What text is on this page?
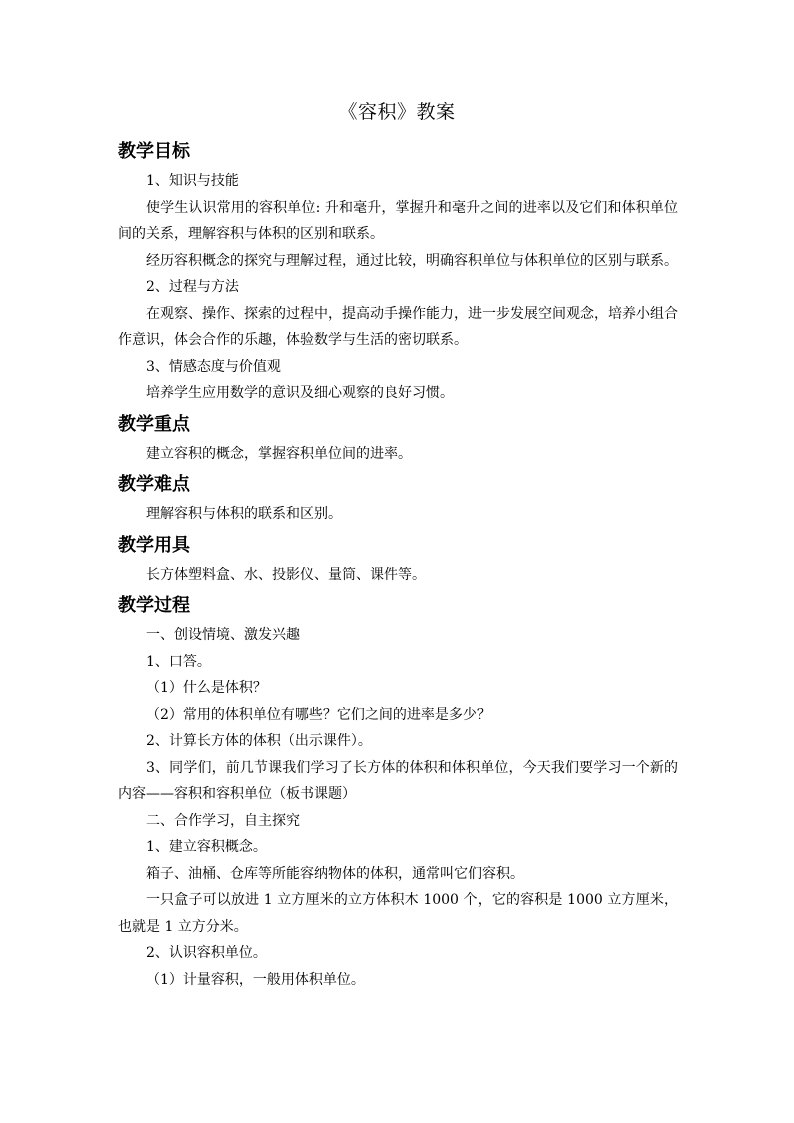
《容积》教案
教学目标

1、知识与技能

使学生认识常用的容积单位: 升和毫升，掌握升和毫升之间的进率以及它们和体积单位间的关系，理解容积与体积的区别和联系。

经历容积概念的探究与理解过程，通过比较，明确容积单位与体积单位的区别与联系。

2、过程与方法

在观察、操作、探索的过程中，提高动手操作能力，进一步发展空间观念，培养小组合作意识，体会合作的乐趣，体验数学与生活的密切联系。

3、情感态度与价值观

培养学生应用数学的意识及细心观察的良好习惯。

教学重点

建立容积的概念，掌握容积单位间的进率。

教学难点

理解容积与体积的联系和区别。

教学用具

长方体塑料盒、水、投影仪、量筒、课件等。

教学过程

一、创设情境、激发兴趣

1、口答。

（1）什么是体积？

（2）常用的体积单位有哪些？它们之间的进率是多少？

2、计算长方体的体积（出示课件）。

3、同学们，前几节课我们学习了长方体的体积和体积单位，今天我们要学习一个新的内容——容积和容积单位（板书课题）

二、合作学习，自主探究

1、建立容积概念。

箱子、油桶、仓库等所能容纳物体的体积，通常叫它们容积。

一只盒子可以放进 1 立方厘米的立方体积木 1000 个，它的容积是 1000 立方厘米，也就是 1 立方分米。

2、认识容积单位。

（1）计量容积，一般用体积单位。
